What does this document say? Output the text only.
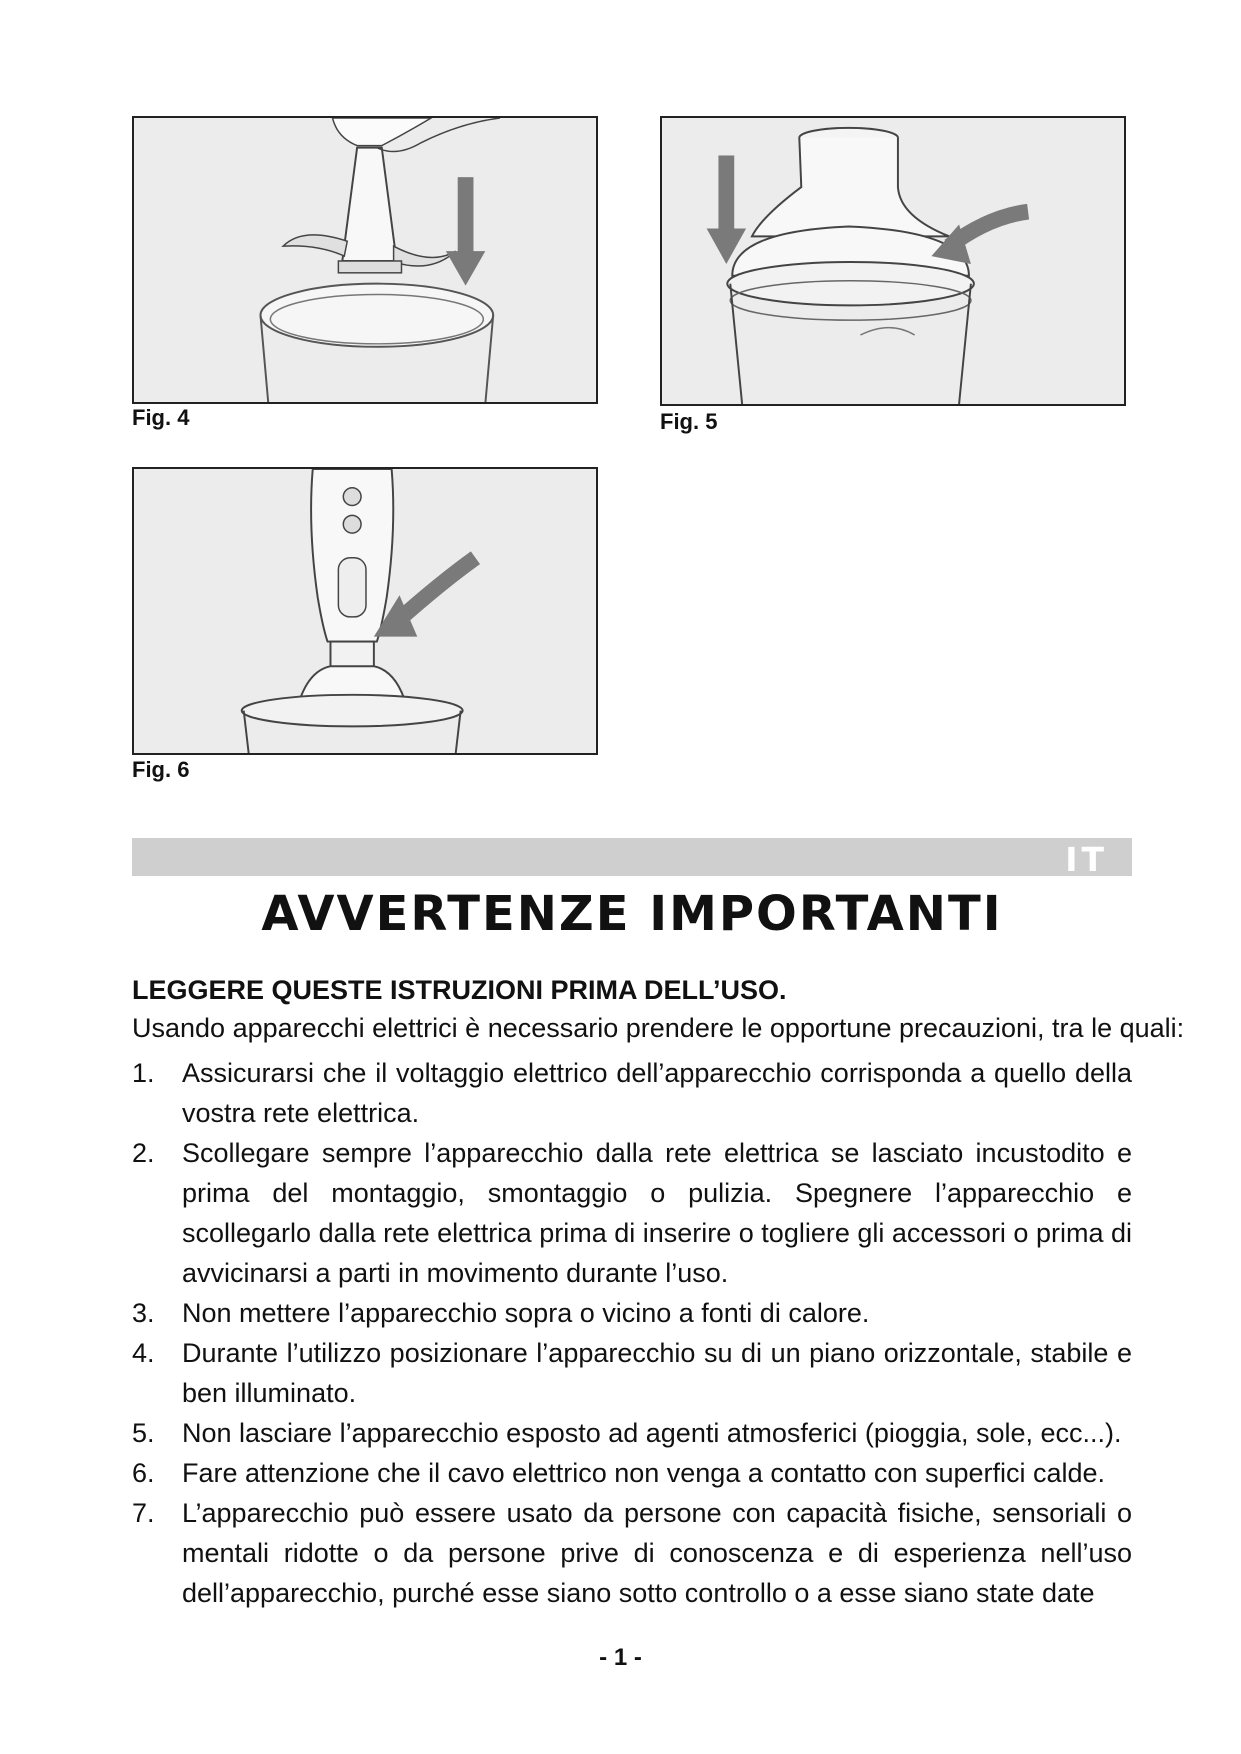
Fig. 4	Fig. 5
Fig. 6
IT
AVVERTENZE IMPORTANTI

LEGGERE QUESTE ISTRUZIONI PRIMA DELL’USO.

Usando apparecchi elettrici è necessario prendere le opportune precauzioni, tra le quali:

1. Assicurarsi che il voltaggio elettrico dell’apparecchio corrisponda a quello della vostra rete elettrica.
2. Scollegare sempre l’apparecchio dalla rete elettrica se lasciato incustodito e prima del montaggio, smontaggio o pulizia. Spegnere l’apparecchio e scollegarlo dalla rete elettrica prima di inserire o togliere gli accessori o prima di avvicinarsi a parti in movimento durante l’uso.
3. Non mettere l’apparecchio sopra o vicino a fonti di calore.
4. Durante l’utilizzo posizionare l’apparecchio su di un piano orizzontale, stabile e ben illuminato.
5. Non lasciare l’apparecchio esposto ad agenti atmosferici (pioggia, sole, ecc...).
6. Fare attenzione che il cavo elettrico non venga a contatto con superfici calde.
7. L’apparecchio può essere usato da persone con capacità fisiche, sensoriali o mentali ridotte o da persone prive di conoscenza e di esperienza nell’uso dell’apparecchio, purché esse siano sotto controllo o a esse siano state date
- 1 -
